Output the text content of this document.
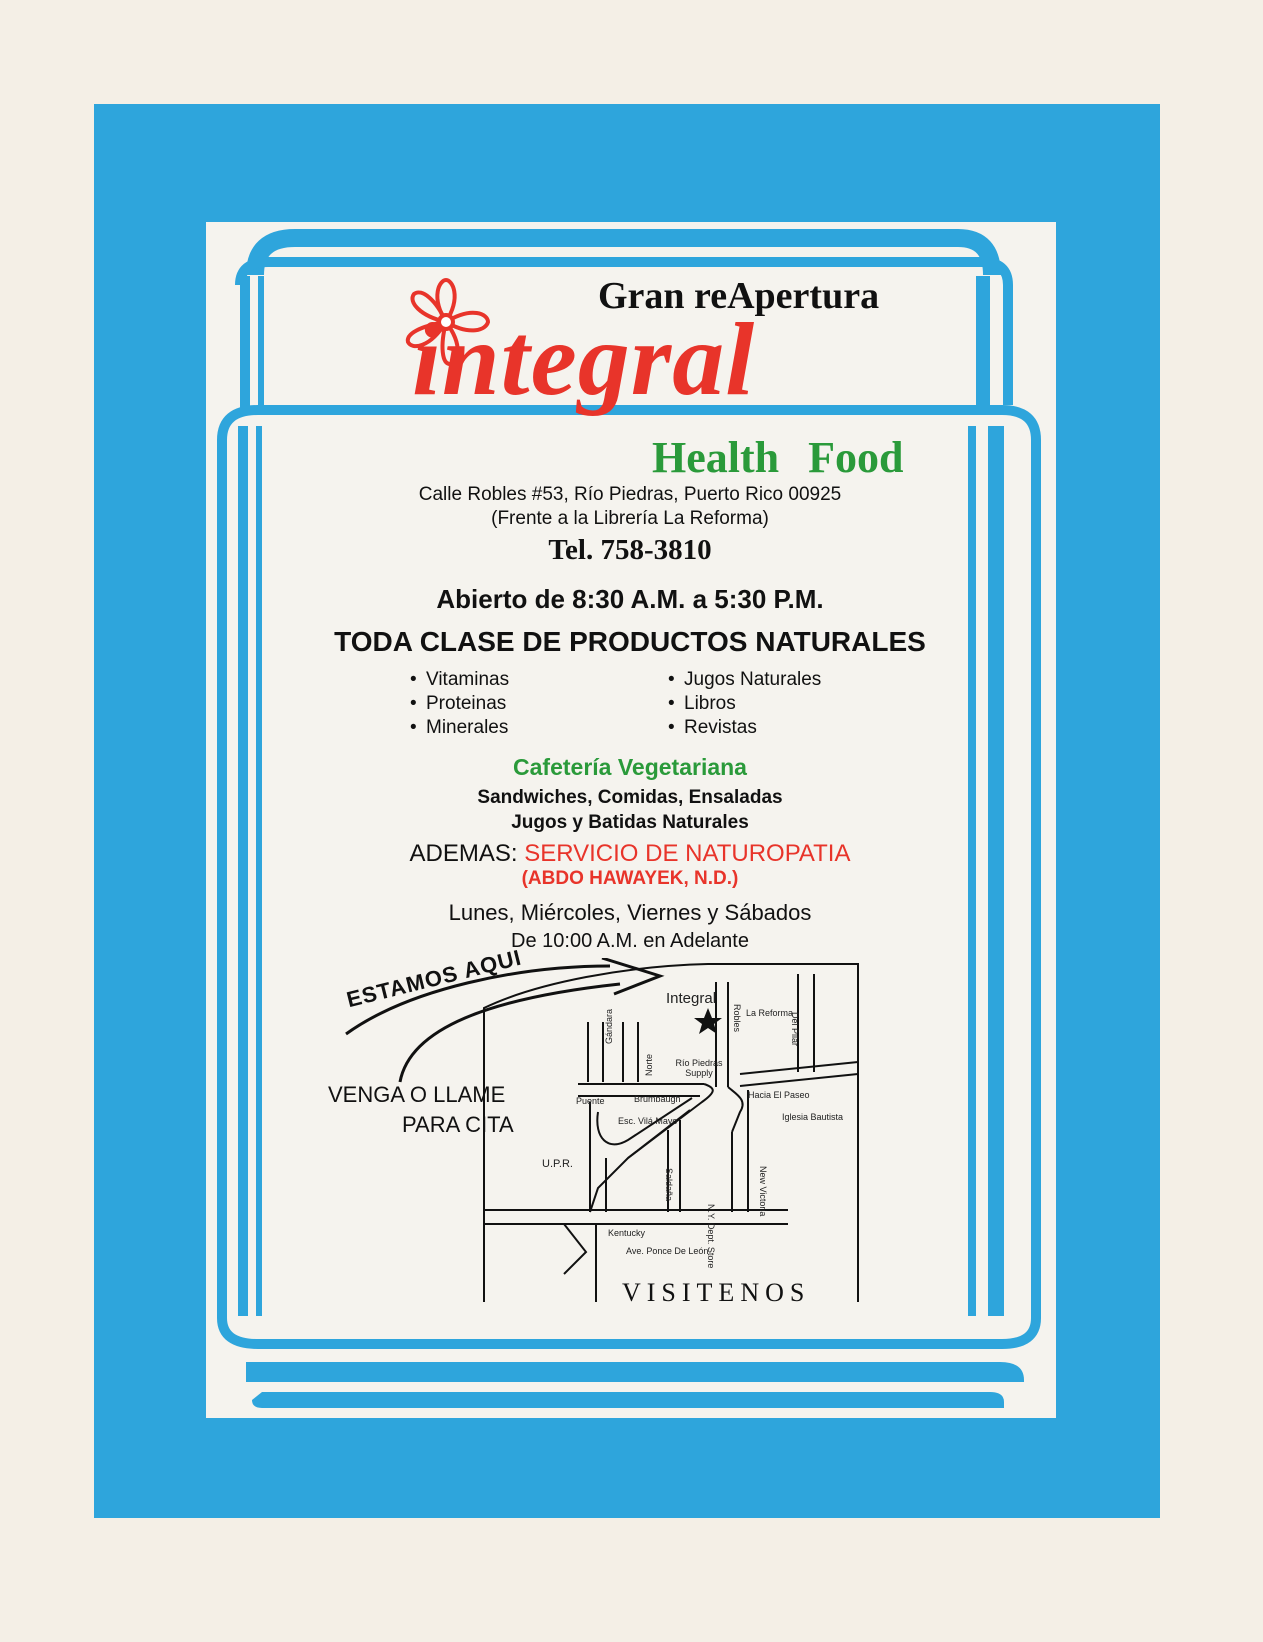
Gran reApertura
integral
Health Food
Calle Robles #53, Río Piedras, Puerto Rico 00925
(Frente a la Librería La Reforma)
Tel. 758-3810
Abierto de 8:30 A.M. a 5:30 P.M.
TODA CLASE DE PRODUCTOS NATURALES
• Vitaminas
• Proteinas
• Minerales
• Jugos Naturales
• Libros
• Revistas
Cafetería Vegetariana
Sandwiches, Comidas, Ensaladas
Jugos y Batidas Naturales
ADEMAS: SERVICIO DE NATUROPATIA
(ABDO HAWAYEK, N.D.)
Lunes, Miércoles, Viernes y Sábados
De 10:00 A.M. en Adelante
ESTAMOS AQUI
VENGA O LLAME
PARA CITA
Integral
La Reforma
Del Pilar
Robles
Gándara
Norte Río Piedras Supply
Puente	Brumbaugh	Hacia El Paseo
Iglesia Bautista
Esc. Vilá Mayo
U.P.R.
Saldaña
N.Y. Dept. Store
New Victoria
Kentucky
Ave. Ponce De León
VISITENOS
